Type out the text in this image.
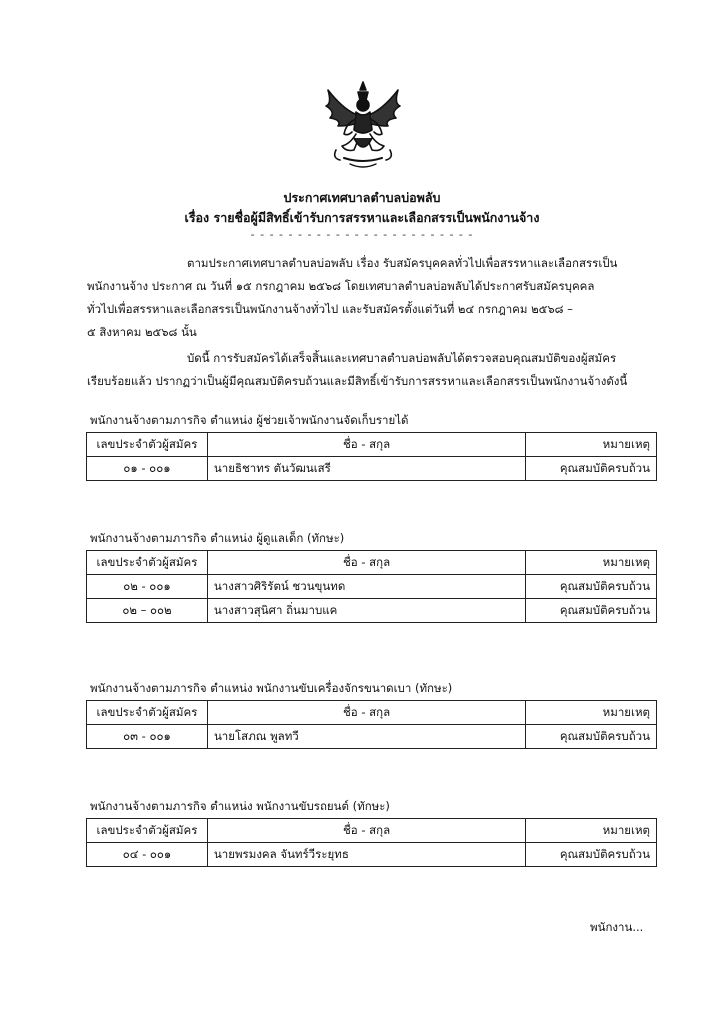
ประกาศเทศบาลตำบลบ่อพลับ
เรื่อง รายชื่อผู้มีสิทธิ์เข้ารับการสรรหาและเลือกสรรเป็นพนักงานจ้าง
- - - - - - - - - - - - - - - - - - - - - - - -
ตามประกาศเทศบาลตำบลบ่อพลับ เรื่อง รับสมัครบุคคลทั่วไปเพื่อสรรหาและเลือกสรรเป็น
พนักงานจ้าง ประกาศ ณ วันที่ ๑๕ กรกฎาคม ๒๕๖๘ โดยเทศบาลตำบลบ่อพลับได้ประกาศรับสมัครบุคคล
ทั่วไปเพื่อสรรหาและเลือกสรรเป็นพนักงานจ้างทั่วไป และรับสมัครตั้งแต่วันที่ ๒๔ กรกฎาคม ๒๕๖๘ –
๕ สิงหาคม ๒๕๖๘ นั้น
บัดนี้ การรับสมัครได้เสร็จสิ้นและเทศบาลตำบลบ่อพลับได้ตรวจสอบคุณสมบัติของผู้สมัคร
เรียบร้อยแล้ว ปรากฏว่าเป็นผู้มีคุณสมบัติครบถ้วนและมีสิทธิ์เข้ารับการสรรหาและเลือกสรรเป็นพนักงานจ้างดังนี้
พนักงานจ้างตามภารกิจ ตำแหน่ง ผู้ช่วยเจ้าพนักงานจัดเก็บรายได้
เลขประจำตัวผู้สมัคร	ชื่อ - สกุล	หมายเหตุ
๐๑ - ๐๐๑	นายธิชาทร ตันวัฒนเสรี	คุณสมบัติครบถ้วน
พนักงานจ้างตามภารกิจ ตำแหน่ง ผู้ดูแลเด็ก (ทักษะ)
เลขประจำตัวผู้สมัคร	ชื่อ - สกุล	หมายเหตุ
๐๒ - ๐๐๑	นางสาวศิริรัตน์ ชวนขุนทด	คุณสมบัติครบถ้วน
๐๒ – ๐๐๒	นางสาวสุนิศา ถิ่นมาบแค	คุณสมบัติครบถ้วน
พนักงานจ้างตามภารกิจ ตำแหน่ง พนักงานขับเครื่องจักรขนาดเบา (ทักษะ)
เลขประจำตัวผู้สมัคร	ชื่อ - สกุล	หมายเหตุ
๐๓ - ๐๐๑	นายโสภณ พูลทวี	คุณสมบัติครบถ้วน
พนักงานจ้างตามภารกิจ ตำแหน่ง พนักงานขับรถยนต์ (ทักษะ)
เลขประจำตัวผู้สมัคร	ชื่อ - สกุล	หมายเหตุ
๐๔ - ๐๐๑	นายพรมงคล จันทร์วีระยุทธ	คุณสมบัติครบถ้วน
พนักงาน...
